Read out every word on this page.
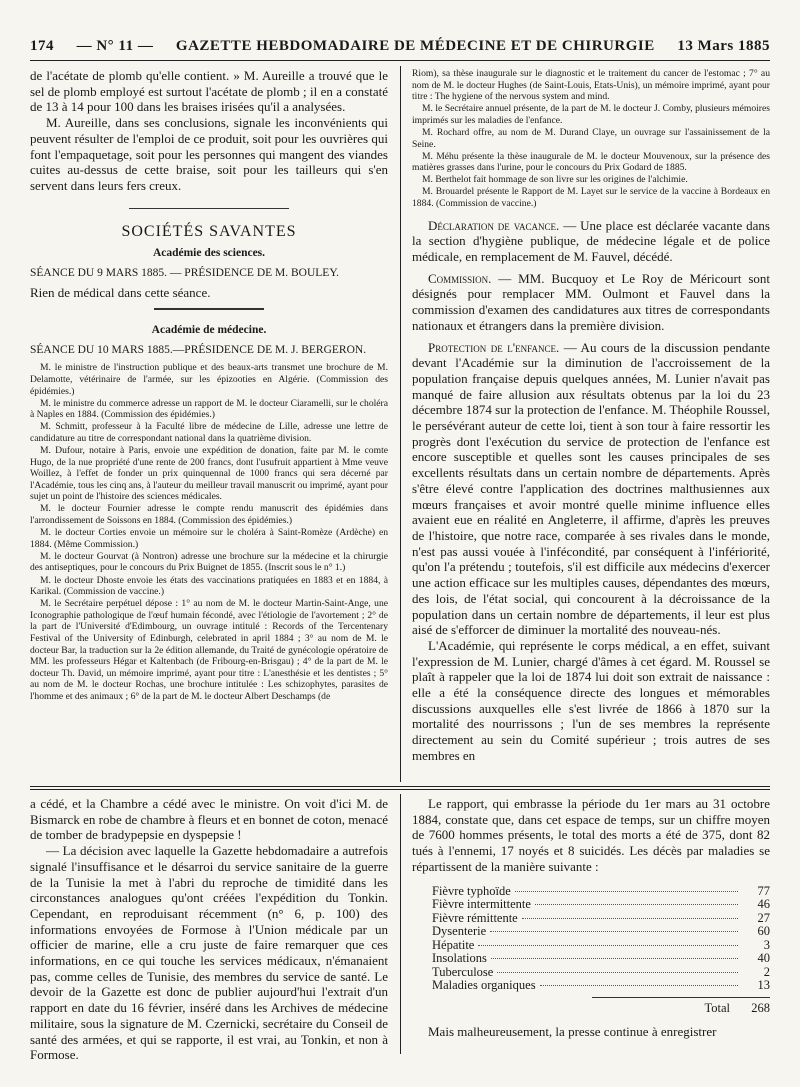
174 — N° 11 — GAZETTE HEBDOMADAIRE DE MÉDECINE ET DE CHIRURGIE 13 Mars 1885

de l'acétate de plomb qu'elle contient. » M. Aureille a trouvé que le sel de plomb employé est surtout l'acétate de plomb ; il en a constaté de 13 à 14 pour 100 dans les braises irisées qu'il a analysées.

M. Aureille, dans ses conclusions, signale les inconvénients qui peuvent résulter de l'emploi de ce produit, soit pour les ouvrières qui font l'empaquetage, soit pour les personnes qui mangent des viandes cuites au-dessus de cette braise, soit pour les tailleurs qui s'en servent dans leurs fers creux.

SOCIÉTÉS SAVANTES
Académie des sciences.
SÉANCE DU 9 MARS 1885. — PRÉSIDENCE DE M. BOULEY.

Rien de médical dans cette séance.

Académie de médecine.
SÉANCE DU 10 MARS 1885.—PRÉSIDENCE DE M. J. BERGERON.

M. le ministre de l'instruction publique et des beaux-arts transmet une brochure de M. Delamotte, vétérinaire de l'armée, sur les épizooties en Algérie. (Commission des épidémies.)

M. le ministre du commerce adresse un rapport de M. le docteur Ciaramelli, sur le choléra à Naples en 1884. (Commission des épidémies.)

M. Schmitt, professeur à la Faculté libre de médecine de Lille, adresse une lettre de candidature au titre de correspondant national dans la quatrième division.

M. Dufour, notaire à Paris, envoie une expédition de donation, faite par M. le comte Hugo, de la nue propriété d'une rente de 200 francs, dont l'usufruit appartient à Mme veuve Woillez, à l'effet de fonder un prix quinquennal de 1000 francs qui sera décerné par l'Académie, tous les cinq ans, à l'auteur du meilleur travail manuscrit ou imprimé, ayant pour sujet un point de l'histoire des sciences médicales.

M. le docteur Fournier adresse le compte rendu manuscrit des épidémies dans l'arrondissement de Soissons en 1884. (Commission des épidémies.)

M. le docteur Corties envoie un mémoire sur le choléra à Saint-Romèze (Ardèche) en 1884. (Même Commission.)

M. le docteur Gourvat (à Nontron) adresse une brochure sur la médecine et la chirurgie des antiseptiques, pour le concours du Prix Buignet de 1855. (Inscrit sous le n° 1.)

M. le docteur Dhoste envoie les états des vaccinations pratiquées en 1883 et en 1884, à Karikal. (Commission de vaccine.)

M. le Secrétaire perpétuel dépose : 1° au nom de M. le docteur Martin-Saint-Ange, une Iconographie pathologique de l'œuf humain fécondé, avec l'étiologie de l'avortement ; 2° de la part de l'Université d'Edimbourg, un ouvrage intitulé : Records of the Tercentenary Festival of the University of Edinburgh, celebrated in april 1884 ; 3° au nom de M. le docteur Bar, la traduction sur la 2e édition allemande, du Traité de gynécologie opératoire de MM. les professeurs Hégar et Kaltenbach (de Fribourg-en-Brisgau) ; 4° de la part de M. le docteur Th. David, un mémoire imprimé, ayant pour titre : L'anesthésie et les dentistes ; 5° au nom de M. le docteur Rochas, une brochure intitulée : Les schizophytes, parasites de l'homme et des animaux ; 6° de la part de M. le docteur Albert Deschamps (de

Riom), sa thèse inaugurale sur le diagnostic et le traitement du cancer de l'estomac ; 7° au nom de M. le docteur Hughes (de Saint-Louis, Etats-Unis), un mémoire imprimé, ayant pour titre : The hygiene of the nervous system and mind.

M. le Secrétaire annuel présente, de la part de M. le docteur J. Comby, plusieurs mémoires imprimés sur les maladies de l'enfance.

M. Rochard offre, au nom de M. Durand Claye, un ouvrage sur l'assainissement de la Seine.

M. Méhu présente la thèse inaugurale de M. le docteur Mouvenoux, sur la présence des matières grasses dans l'urine, pour le concours du Prix Godard de 1885.

M. Berthelot fait hommage de son livre sur les origines de l'alchimie.

M. Brouardel présente le Rapport de M. Layet sur le service de la vaccine à Bordeaux en 1884. (Commission de vaccine.)

Déclaration de vacance. — Une place est déclarée vacante dans la section d'hygiène publique, de médecine légale et de police médicale, en remplacement de M. Fauvel, décédé.

Commission. — MM. Bucquoy et Le Roy de Méricourt sont désignés pour remplacer MM. Oulmont et Fauvel dans la commission d'examen des candidatures aux titres de correspondants nationaux et étrangers dans la première division.

Protection de l'enfance. — Au cours de la discussion pendante devant l'Académie sur la diminution de l'accroissement de la population française depuis quelques années, M. Lunier n'avait pas manqué de faire allusion aux résultats obtenus par la loi du 23 décembre 1874 sur la protection de l'enfance. M. Théophile Roussel, le persévérant auteur de cette loi, tient à son tour à faire ressortir les progrès dont l'exécution du service de protection de l'enfance est encore susceptible et quelles sont les causes principales de ses excellents résultats dans un certain nombre de départements. Après s'être élevé contre l'application des doctrines malthusiennes aux mœurs françaises et avoir montré quelle minime influence elles avaient eue en réalité en Angleterre, il affirme, d'après les preuves de l'histoire, que notre race, comparée à ses rivales dans le monde, n'est pas aussi vouée à l'infécondité, par conséquent à l'infériorité, qu'on l'a prétendu ; toutefois, s'il est difficile aux médecins d'exercer une action efficace sur les multiples causes, dépendantes des mœurs, des lois, de l'état social, qui concourent à la décroissance de la population dans un certain nombre de départements, il leur est plus aisé de s'efforcer de diminuer la mortalité des nouveau-nés.

L'Académie, qui représente le corps médical, a en effet, suivant l'expression de M. Lunier, chargé d'âmes à cet égard. M. Roussel se plaît à rappeler que la loi de 1874 lui doit son extrait de naissance : elle a été la conséquence directe des longues et mémorables discussions auxquelles elle s'est livrée de 1866 à 1870 sur la mortalité des nourrissons ; l'un de ses membres la représente directement au sein du Comité supérieur ; trois autres de ses membres en

a cédé, et la Chambre a cédé avec le ministre. On voit d'ici M. de Bismarck en robe de chambre à fleurs et en bonnet de coton, menacé de tomber de bradypepsie en dyspepsie !

— La décision avec laquelle la Gazette hebdomadaire a autrefois signalé l'insuffisance et le désarroi du service sanitaire de la guerre de la Tunisie la met à l'abri du reproche de timidité dans les circonstances analogues qu'ont créées l'expédition du Tonkin. Cependant, en reproduisant récemment (n° 6, p. 100) des informations envoyées de Formose à l'Union médicale par un officier de marine, elle a cru juste de faire remarquer que ces informations, en ce qui touche les services médicaux, n'émanaient pas, comme celles de Tunisie, des membres du service de santé. Le devoir de la Gazette est donc de publier aujourd'hui l'extrait d'un rapport en date du 16 février, inséré dans les Archives de médecine militaire, sous la signature de M. Czernicki, secrétaire du Conseil de santé des armées, et qui se rapporte, il est vrai, au Tonkin, et non à Formose.

Le rapport, qui embrasse la période du 1er mars au 31 octobre 1884, constate que, dans cet espace de temps, sur un chiffre moyen de 7600 hommes présents, le total des morts a été de 375, dont 82 tués à l'ennemi, 17 noyés et 8 suicidés. Les décès par maladies se répartissent de la manière suivante :

Fièvre typhoïde	77
Fièvre intermittente	46
Fièvre rémittente	27
Dysenterie	60
Hépatite	3
Insolations	40
Tuberculose	2
Maladies organiques	13
Total	268

Mais malheureusement, la presse continue à enregistrer
